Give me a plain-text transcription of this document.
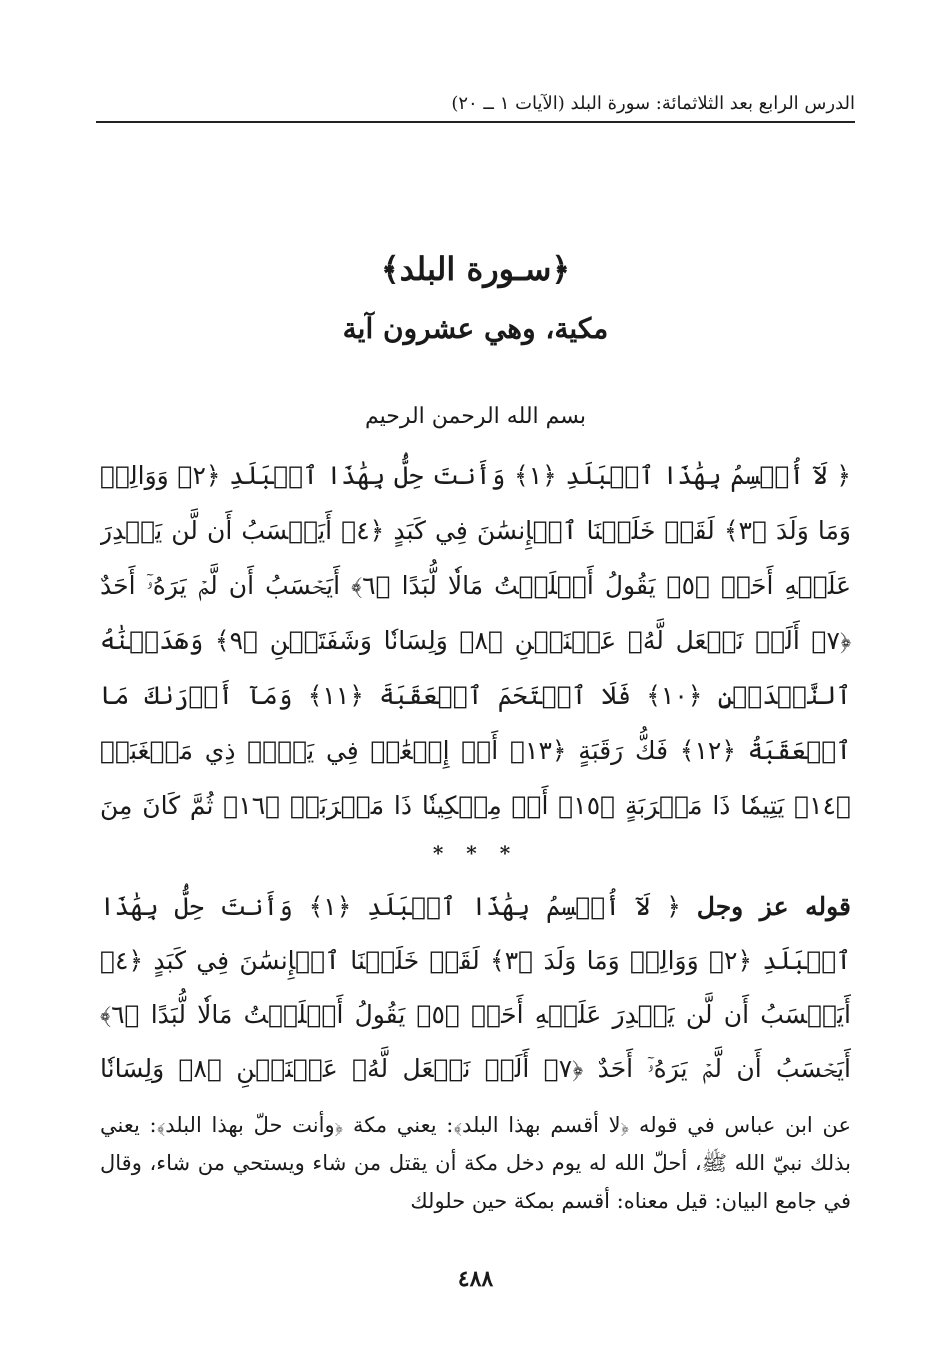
الدرس الرابع بعد الثلاثمائة: سورة البلد (الآيات ١ ــ ٢٠)
﴿سـورة البلد﴾
مكية، وهي عشرون آية
بسم الله الرحمن الرحيم
﴿ لَآ أُقۡسِمُ بِهَٰذَا ٱلۡبَلَدِ ﴿١﴾ وَأَنتَ حِلُّۢ بِهَٰذَا ٱلۡبَلَدِ ﴿٢﴾ وَوَالِدٖ وَمَا وَلَدَ ﴿٣﴾ لَقَدۡ خَلَقۡنَا ٱلۡإِنسَٰنَ فِي كَبَدٍ ﴿٤﴾ أَيَحۡسَبُ أَن لَّن يَقۡدِرَ عَلَيۡهِ أَحَدٞ ﴿٥﴾ يَقُولُ أَهۡلَكۡتُ مَالٗا لُّبَدًا ﴿٦﴾ أَيَحۡسَبُ أَن لَّمۡ يَرَهُۥٓ أَحَدٌ ﴿٧﴾ أَلَمۡ نَجۡعَل لَّهُۥ عَيۡنَيۡنِ ﴿٨﴾ وَلِسَانٗا وَشَفَتَيۡنِ ﴿٩﴾ وَهَدَيۡنَٰهُ ٱلنَّجۡدَيۡنِ ﴿١٠﴾ فَلَا ٱقۡتَحَمَ ٱلۡعَقَبَةَ ﴿١١﴾ وَمَآ أَدۡرَىٰكَ مَا ٱلۡعَقَبَةُ ﴿١٢﴾ فَكُّ رَقَبَةٍ ﴿١٣﴾ أَوۡ إِطۡعَٰمٞ فِي يَوۡمٖ ذِي مَسۡغَبَةٖ ﴿١٤﴾ يَتِيمٗا ذَا مَقۡرَبَةٍ ﴿١٥﴾ أَوۡ مِسۡكِينٗا ذَا مَتۡرَبَةٖ ﴿١٦﴾ ثُمَّ كَانَ مِنَ
* * *
قوله عز وجل ﴿ لَآ أُقۡسِمُ بِهَٰذَا ٱلۡبَلَدِ ﴿١﴾ وَأَنتَ حِلُّۢ بِهَٰذَا ٱلۡبَلَدِ ﴿٢﴾ وَوَالِدٖ وَمَا وَلَدَ ﴿٣﴾ لَقَدۡ خَلَقۡنَا ٱلۡإِنسَٰنَ فِي كَبَدٍ ﴿٤﴾ أَيَحۡسَبُ أَن لَّن يَقۡدِرَ عَلَيۡهِ أَحَدٞ ﴿٥﴾ يَقُولُ أَهۡلَكۡتُ مَالٗا لُّبَدًا ﴿٦﴾ أَيَحۡسَبُ أَن لَّمۡ يَرَهُۥٓ أَحَدٌ ﴿٧﴾ أَلَمۡ نَجۡعَل لَّهُۥ عَيۡنَيۡنِ ﴿٨﴾ وَلِسَانٗا
عن ابن عباس في قوله ﴿لا أقسم بهذا البلد﴾: يعني مكة ﴿وأنت حلّ بهذا البلد﴾: يعني بذلك نبيّ الله ﷺ، أحلّ الله له يوم دخل مكة أن يقتل من شاء ويستحي من شاء، وقال في جامع البيان: قيل معناه: أقسم بمكة حين حلولك
٤٨٨
